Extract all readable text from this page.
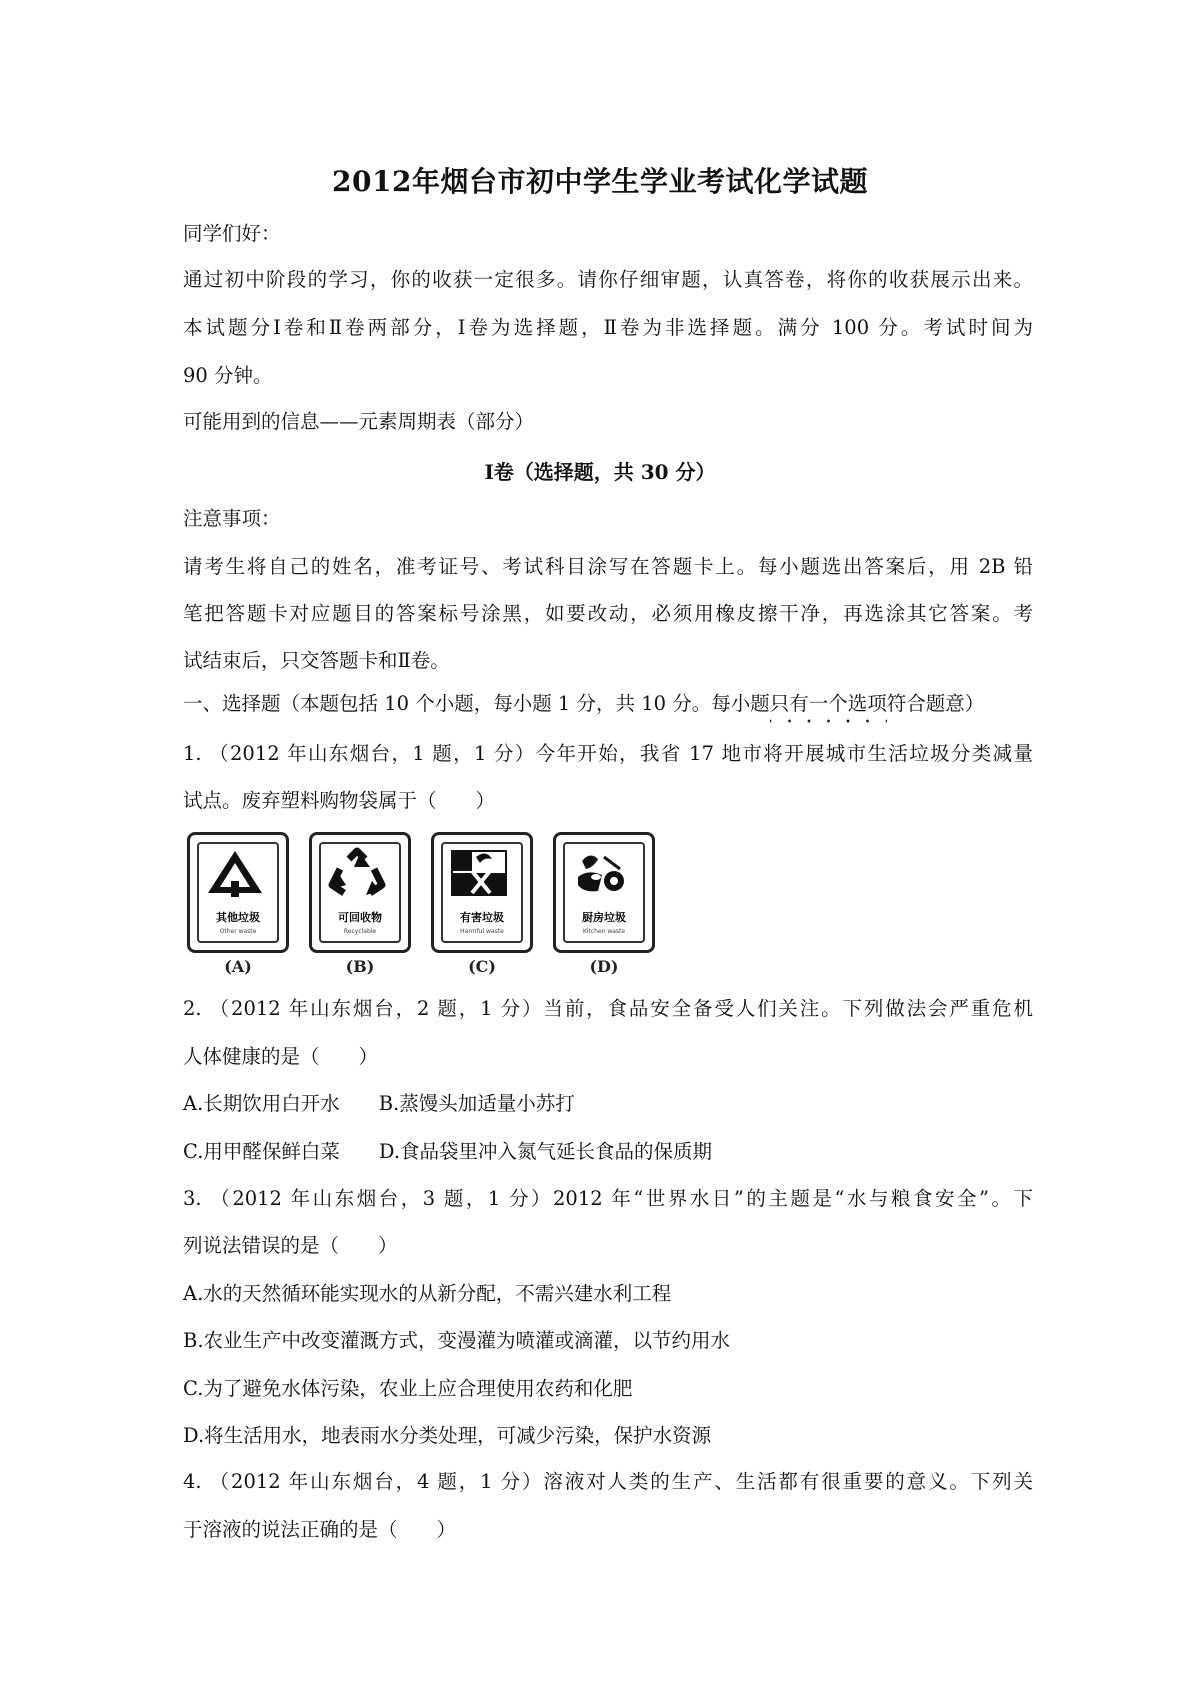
2012年烟台市初中学生学业考试化学试题
同学们好：
通过初中阶段的学习，你的收获一定很多。请你仔细审题，认真答卷，将你的收获展示出来。
本试题分Ⅰ卷和Ⅱ卷两部分，Ⅰ卷为选择题，Ⅱ卷为非选择题。满分 100 分。考试时间为
90 分钟。
可能用到的信息——元素周期表（部分）
Ⅰ卷（选择题，共 30 分）
注意事项：
请考生将自己的姓名，准考证号、考试科目涂写在答题卡上。每小题选出答案后，用 2B 铅
笔把答题卡对应题目的答案标号涂黑，如要改动，必须用橡皮擦干净，再选涂其它答案。考
试结束后，只交答题卡和Ⅱ卷。
一、选择题（本题包括 10 个小题，每小题 1 分，共 10 分。每小题只有一个选项符合题意）
1. （2012 年山东烟台，1 题，1 分）今年开始，我省 17 地市将开展城市生活垃圾分类减量
试点。废弃塑料购物袋属于（　　）
其他垃圾
Other waste
(A)
可回收物
Recyclable
(B)
有害垃圾
Harmful waste
(C)
厨房垃圾
Kitchen waste
(D)
2. （2012 年山东烟台，2 题，1 分）当前，食品安全备受人们关注。下列做法会严重危机
人体健康的是（　　）
A.长期饮用白开水　　B.蒸馒头加适量小苏打
C.用甲醛保鲜白菜　　D.食品袋里冲入氮气延长食品的保质期
3. （2012 年山东烟台，3 题，1 分）2012 年“世界水日”的主题是“水与粮食安全”。下
列说法错误的是（　　）
A.水的天然循环能实现水的从新分配，不需兴建水利工程
B.农业生产中改变灌溉方式，变漫灌为喷灌或滴灌，以节约用水
C.为了避免水体污染，农业上应合理使用农药和化肥
D.将生活用水，地表雨水分类处理，可减少污染，保护水资源
4. （2012 年山东烟台，4 题，1 分）溶液对人类的生产、生活都有很重要的意义。下列关
于溶液的说法正确的是（　　）
